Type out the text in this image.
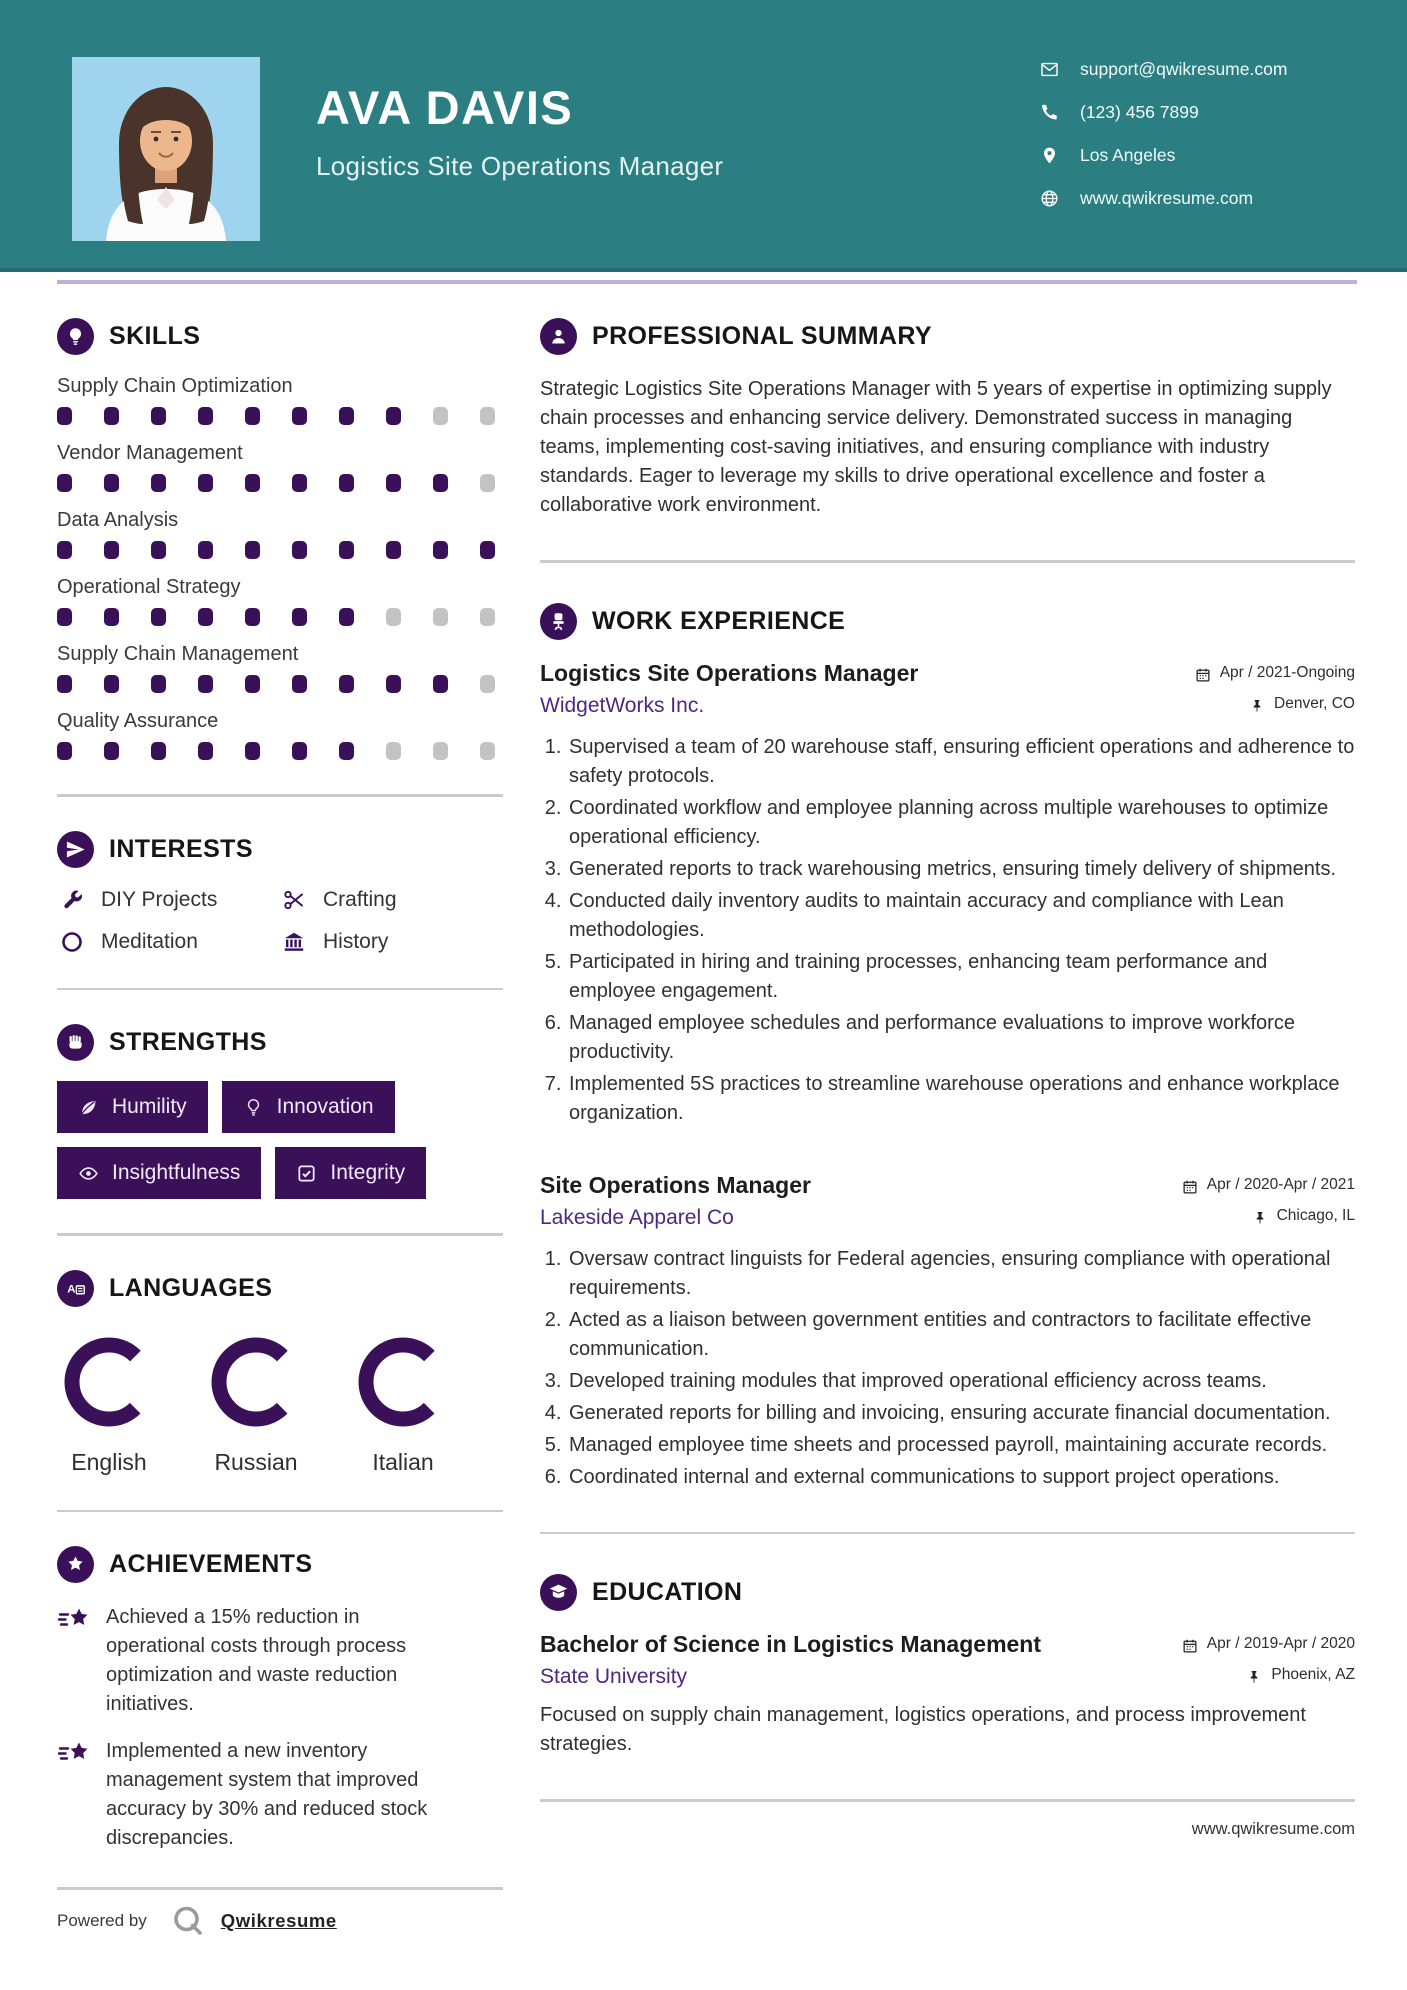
AVA DAVIS
Logistics Site Operations Manager
support@qwikresume.com
(123) 456 7899
Los Angeles
www.qwikresume.com
SKILLS
Supply Chain Optimization
Vendor Management
Data Analysis
Operational Strategy
Supply Chain Management
Quality Assurance
INTERESTS
DIY Projects	Crafting
Meditation	History
STRENGTHS
Humility	Innovation
Insightfulness	Integrity
A LANGUAGES
English	Russian	Italian
ACHIEVEMENTS

Achieved a 15% reduction in operational costs through process optimization and waste reduction initiatives.

Implemented a new inventory management system that improved accuracy by 30% and reduced stock discrepancies.

Powered by	Qwikresume
PROFESSIONAL SUMMARY

Strategic Logistics Site Operations Manager with 5 years of expertise in optimizing supply chain processes and enhancing service delivery. Demonstrated success in managing teams, implementing cost-saving initiatives, and ensuring compliance with industry standards. Eager to leverage my skills to drive operational excellence and foster a collaborative work environment.

WORK EXPERIENCE
Logistics Site Operations Manager	Apr / 2021-Ongoing
WidgetWorks Inc.	Denver, CO
1. Supervised a team of 20 warehouse staff, ensuring efficient operations and adherence to safety protocols.
2. Coordinated workflow and employee planning across multiple warehouses to optimize operational efficiency.
3. Generated reports to track warehousing metrics, ensuring timely delivery of shipments.
4. Conducted daily inventory audits to maintain accuracy and compliance with Lean methodologies.
5. Participated in hiring and training processes, enhancing team performance and employee engagement.
6. Managed employee schedules and performance evaluations to improve workforce productivity.
7. Implemented 5S practices to streamline warehouse operations and enhance workplace organization.
Site Operations Manager	Apr / 2020-Apr / 2021
Lakeside Apparel Co	Chicago, IL
1. Oversaw contract linguists for Federal agencies, ensuring compliance with operational requirements.
2. Acted as a liaison between government entities and contractors to facilitate effective communication.
3. Developed training modules that improved operational efficiency across teams.
4. Generated reports for billing and invoicing, ensuring accurate financial documentation.
5. Managed employee time sheets and processed payroll, maintaining accurate records.
6. Coordinated internal and external communications to support project operations.
EDUCATION
Bachelor of Science in Logistics Management	Apr / 2019-Apr / 2020
State University	Phoenix, AZ

Focused on supply chain management, logistics operations, and process improvement strategies.

www.qwikresume.com
